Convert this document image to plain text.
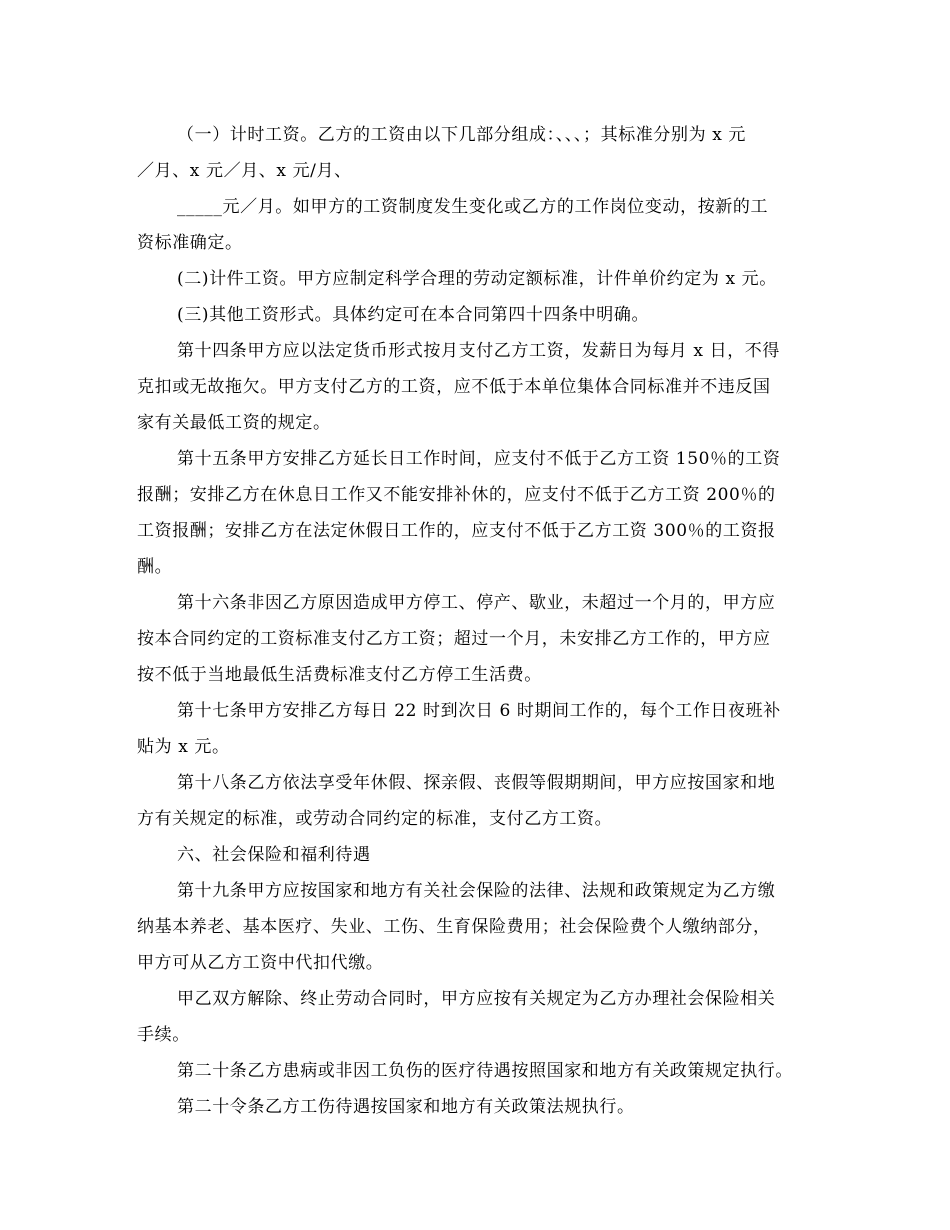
（一）计时工资。乙方的工资由以下几部分组成：、、、；其标准分别为 x 元
／月、x 元／月、x 元/月、
_____元／月。如甲方的工资制度发生变化或乙方的工作岗位变动，按新的工
资标准确定。
(二)计件工资。甲方应制定科学合理的劳动定额标准，计件单价约定为 x 元。
(三)其他工资形式。具体约定可在本合同第四十四条中明确。
第十四条甲方应以法定货币形式按月支付乙方工资，发薪日为每月 x 日，不得
克扣或无故拖欠。甲方支付乙方的工资，应不低于本单位集体合同标准并不违反国
家有关最低工资的规定。
第十五条甲方安排乙方延长日工作时间，应支付不低于乙方工资 150％的工资
报酬；安排乙方在休息日工作又不能安排补休的，应支付不低于乙方工资 200％的
工资报酬；安排乙方在法定休假日工作的，应支付不低于乙方工资 300％的工资报
酬。
第十六条非因乙方原因造成甲方停工、停产、歇业，未超过一个月的，甲方应
按本合同约定的工资标准支付乙方工资；超过一个月，未安排乙方工作的，甲方应
按不低于当地最低生活费标准支付乙方停工生活费。
第十七条甲方安排乙方每日 22 时到次日 6 时期间工作的，每个工作日夜班补
贴为 x 元。
第十八条乙方依法享受年休假、探亲假、丧假等假期期间，甲方应按国家和地
方有关规定的标准，或劳动合同约定的标准，支付乙方工资。
六、社会保险和福利待遇
第十九条甲方应按国家和地方有关社会保险的法律、法规和政策规定为乙方缴
纳基本养老、基本医疗、失业、工伤、生育保险费用；社会保险费个人缴纳部分，
甲方可从乙方工资中代扣代缴。
甲乙双方解除、终止劳动合同时，甲方应按有关规定为乙方办理社会保险相关
手续。
第二十条乙方患病或非因工负伤的医疗待遇按照国家和地方有关政策规定执行。
第二十令条乙方工伤待遇按国家和地方有关政策法规执行。
